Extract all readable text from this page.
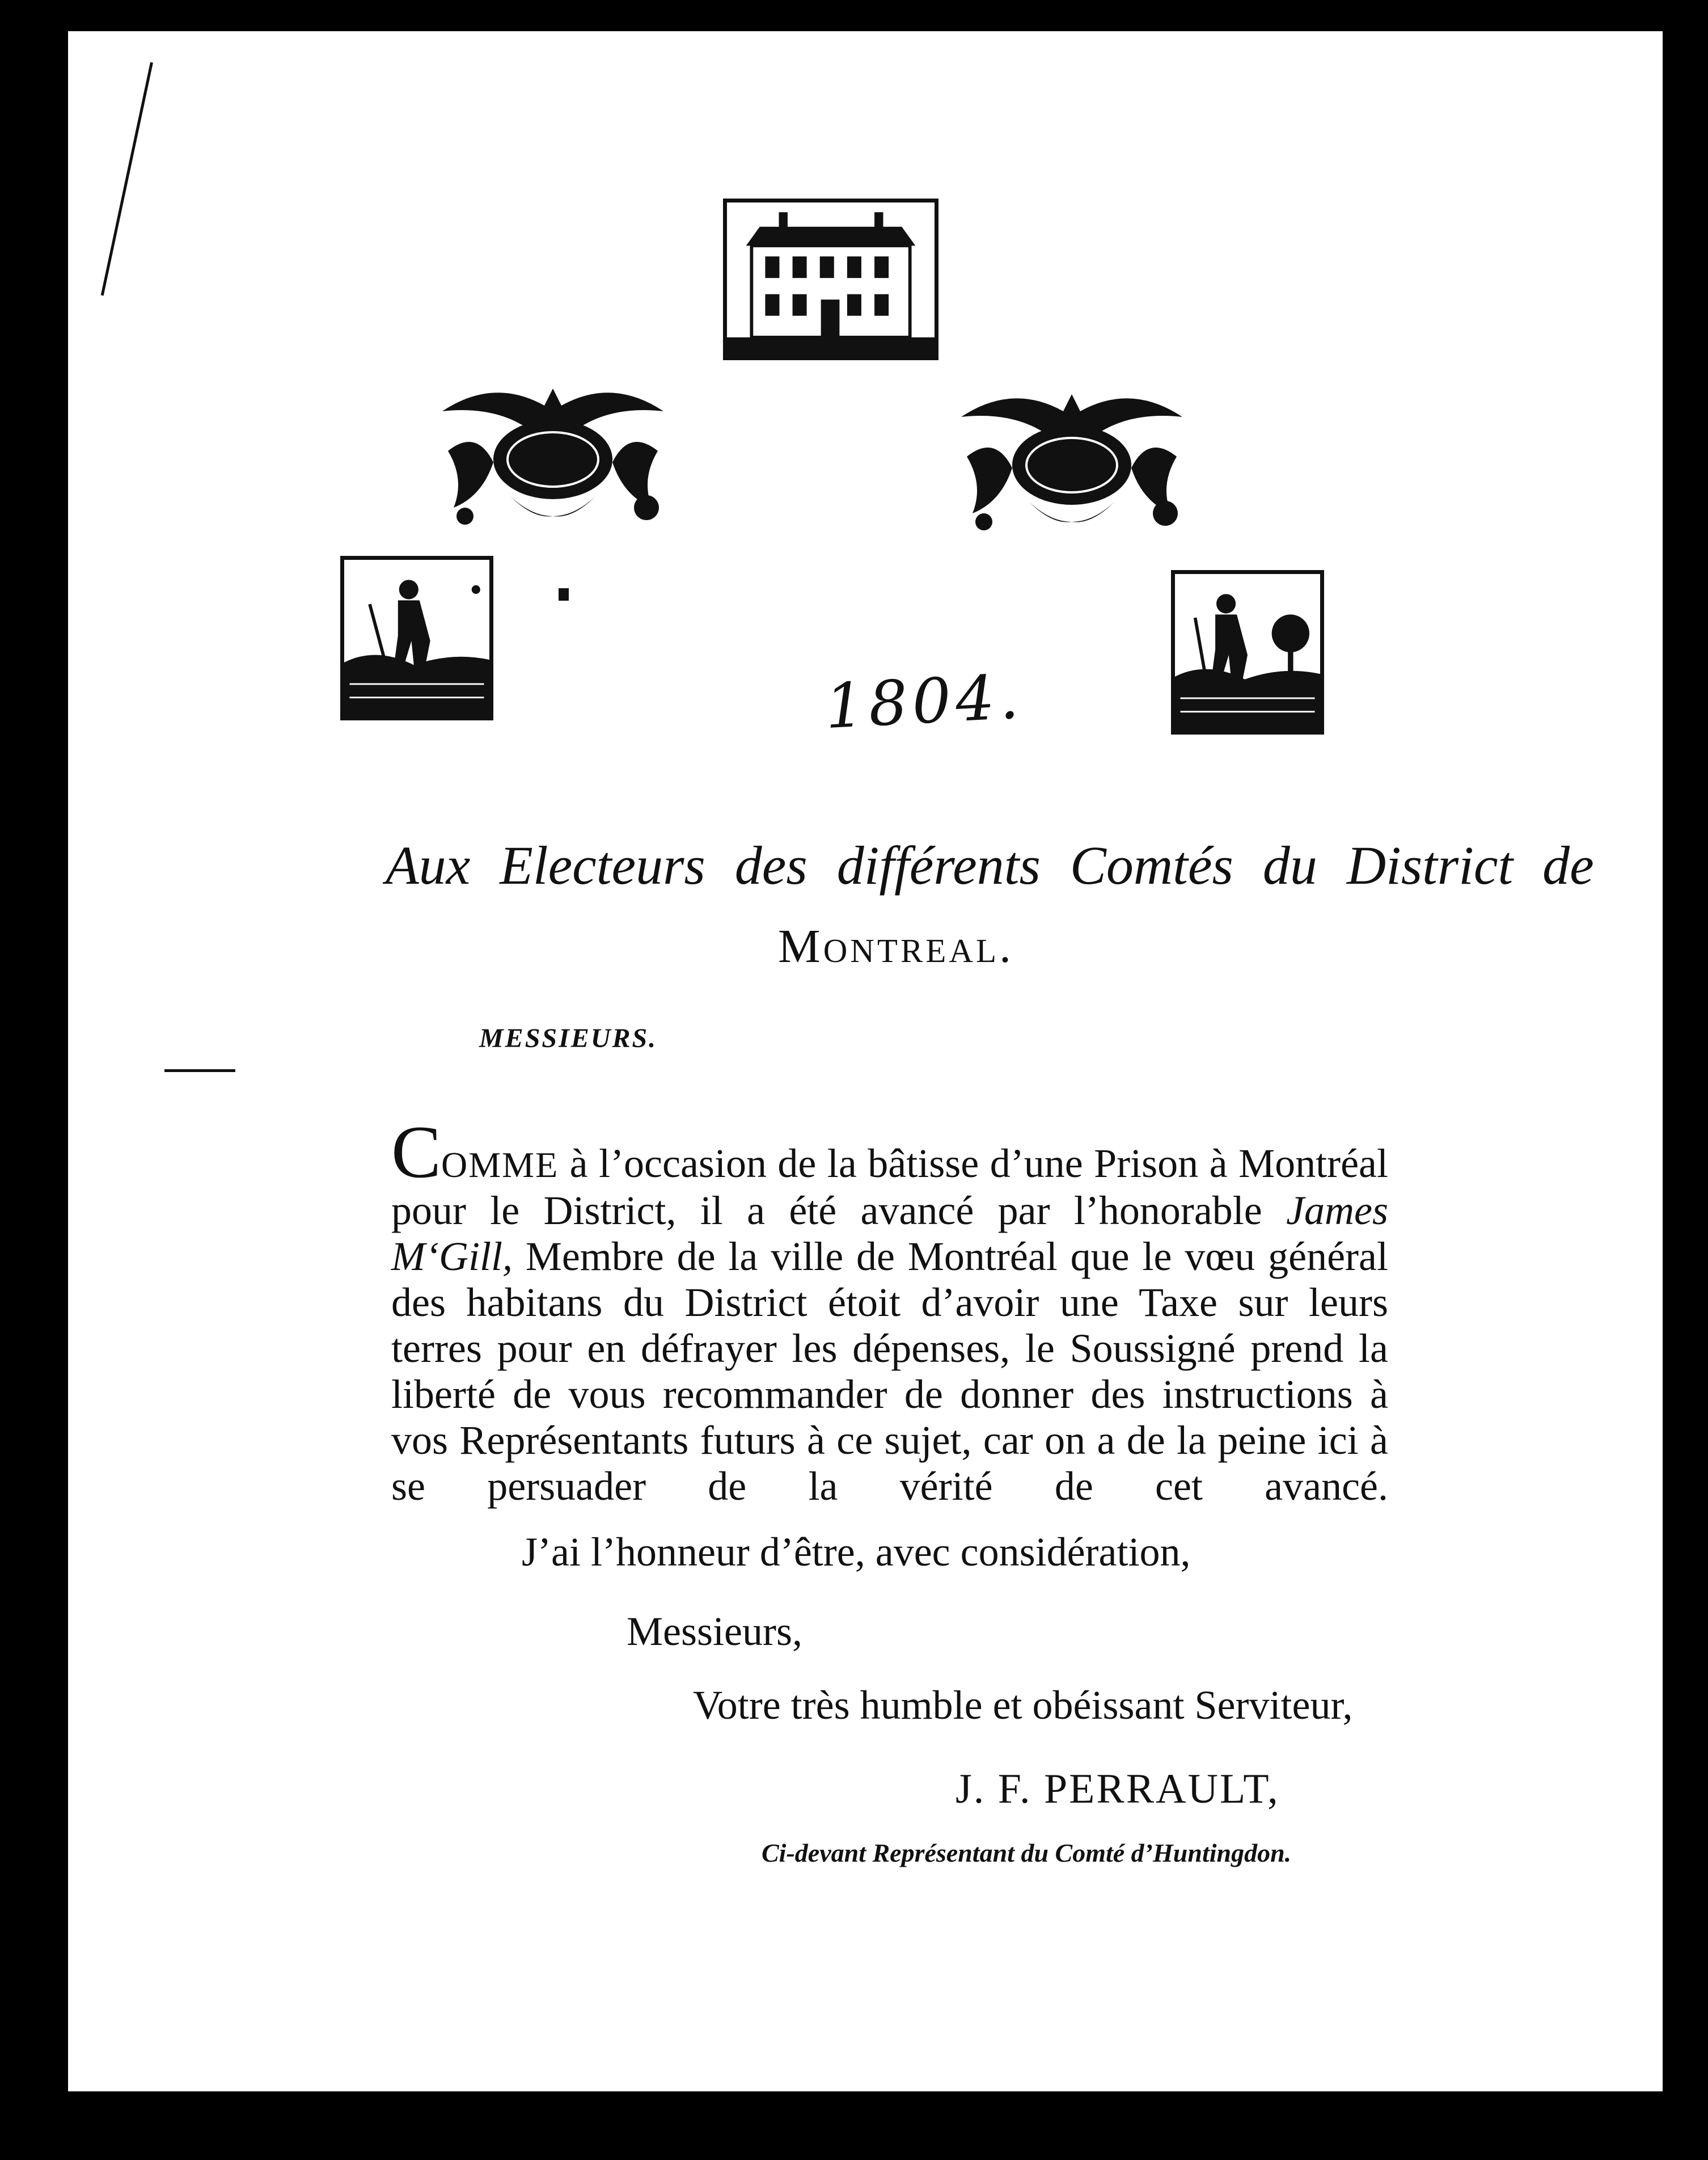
1804.
Aux Electeurs des différents Comtés du District de
Montreal.
MESSIEURS.
COMME à l’occasion de la bâtisse d’une Prison à Montréal pour le District, il a été avancé par l’honorable James M‘Gill, Membre de la ville de Montréal que le vœu général des habitans du District étoit d’avoir une Taxe sur leurs terres pour en défrayer les dépenses, le Soussigné prend la liberté de vous recommander de donner des instructions à vos Représentants futurs à ce sujet, car on a de la peine ici à se persuader de la vérité de cet avancé.
J’ai l’honneur d’être, avec considération,
Messieurs,
Votre très humble et obéissant Serviteur,
J. F. PERRAULT,
Ci-devant Représentant du Comté d’Huntingdon.
